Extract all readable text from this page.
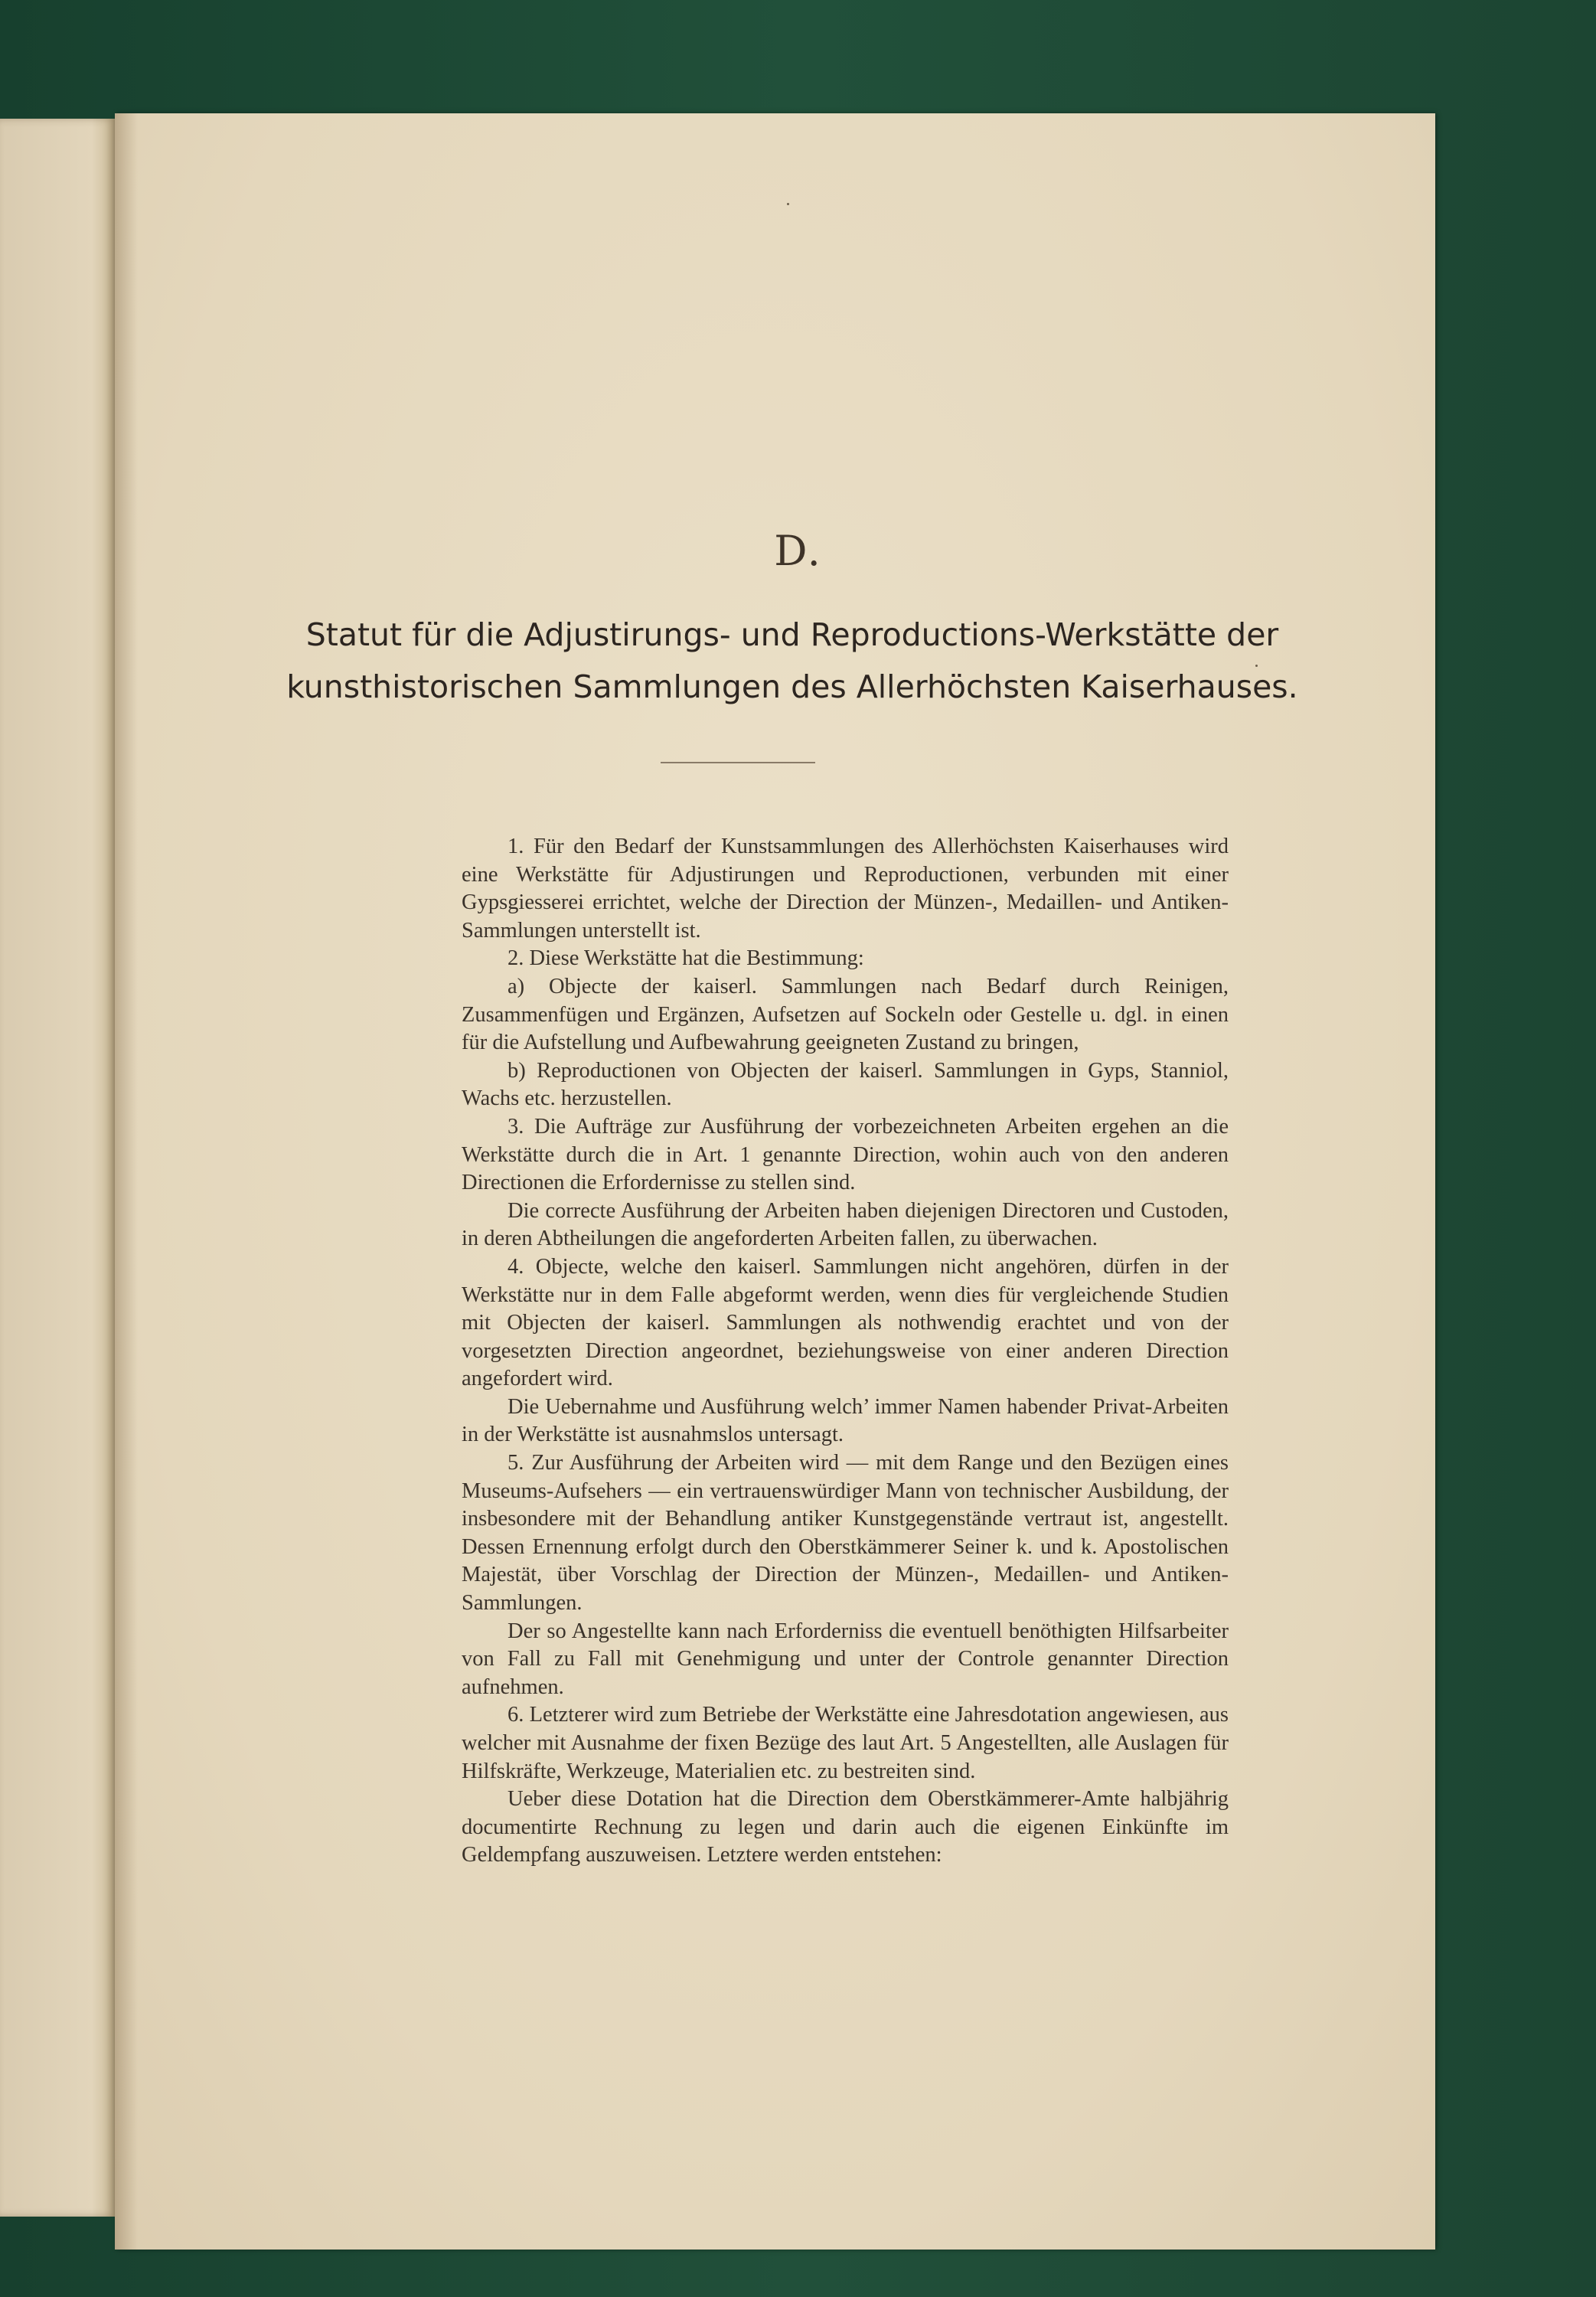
D.
Statut für die Adjustirungs- und Reproductions-Werkstätte der
kunsthistorischen Sammlungen des Allerhöchsten Kaiserhauses.

1. Für den Bedarf der Kunstsammlungen des Allerhöchsten Kaiserhauses wird eine Werkstätte für Adjustirungen und Reproductionen, verbunden mit einer Gypsgiesserei errichtet, welche der Direction der Münzen-, Medaillen- und Antiken-Sammlungen unterstellt ist.

2. Diese Werkstätte hat die Bestimmung:

a) Objecte der kaiserl. Sammlungen nach Bedarf durch Reinigen, Zusammenfügen und Ergänzen, Aufsetzen auf Sockeln oder Gestelle u. dgl. in einen für die Aufstellung und Aufbewahrung geeigneten Zustand zu bringen,

b) Reproductionen von Objecten der kaiserl. Sammlungen in Gyps, Stanniol, Wachs etc. herzustellen.

3. Die Aufträge zur Ausführung der vorbezeichneten Arbeiten ergehen an die Werkstätte durch die in Art. 1 genannte Direction, wohin auch von den anderen Directionen die Erfordernisse zu stellen sind.

Die correcte Ausführung der Arbeiten haben diejenigen Directoren und Custoden, in deren Abtheilungen die angeforderten Arbeiten fallen, zu überwachen.

4. Objecte, welche den kaiserl. Sammlungen nicht angehören, dürfen in der Werkstätte nur in dem Falle abgeformt werden, wenn dies für vergleichende Studien mit Objecten der kaiserl. Sammlungen als nothwendig erachtet und von der vorgesetzten Direction angeordnet, beziehungsweise von einer anderen Direction angefordert wird.

Die Uebernahme und Ausführung welch’ immer Namen habender Privat-Arbeiten in der Werkstätte ist ausnahmslos untersagt.

5. Zur Ausführung der Arbeiten wird — mit dem Range und den Bezügen eines Museums-Aufsehers — ein vertrauenswürdiger Mann von technischer Ausbildung, der insbesondere mit der Behandlung antiker Kunstgegenstände vertraut ist, angestellt. Dessen Ernennung erfolgt durch den Oberstkämmerer Seiner k. und k. Apostolischen Majestät, über Vorschlag der Direction der Münzen-, Medaillen- und Antiken-Sammlungen.

Der so Angestellte kann nach Erforderniss die eventuell benöthigten Hilfsarbeiter von Fall zu Fall mit Genehmigung und unter der Controle genannter Direction aufnehmen.

6. Letzterer wird zum Betriebe der Werkstätte eine Jahresdotation angewiesen, aus welcher mit Ausnahme der fixen Bezüge des laut Art. 5 Angestellten, alle Auslagen für Hilfskräfte, Werkzeuge, Materialien etc. zu bestreiten sind.

Ueber diese Dotation hat die Direction dem Oberstkämmerer-Amte halbjährig documentirte Rechnung zu legen und darin auch die eigenen Einkünfte im Geldempfang auszuweisen. Letztere werden entstehen:
